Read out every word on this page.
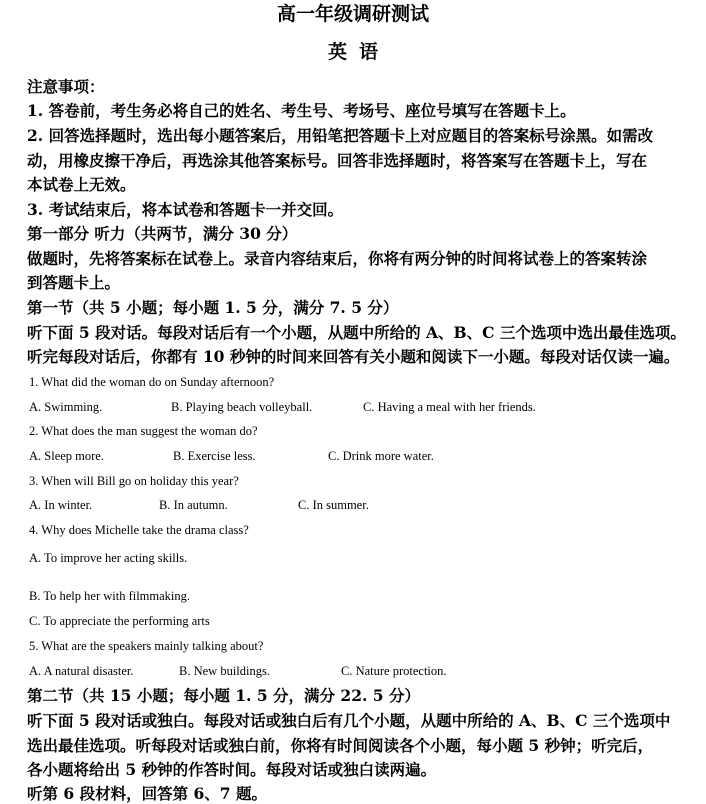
高一年级调研测试
英语
注意事项：
1. 答卷前，考生务必将自己的姓名、考生号、考场号、座位号填写在答题卡上。
2. 回答选择题时，选出每小题答案后，用铅笔把答题卡上对应题目的答案标号涂黑。如需改
动，用橡皮擦干净后，再选涂其他答案标号。回答非选择题时，将答案写在答题卡上，写在
本试卷上无效。
3. 考试结束后，将本试卷和答题卡一并交回。
第一部分 听力（共两节，满分 30 分）
做题时，先将答案标在试卷上。录音内容结束后，你将有两分钟的时间将试卷上的答案转涂
到答题卡上。
第一节（共 5 小题；每小题 1. 5 分，满分 7. 5 分）
听下面 5 段对话。每段对话后有一个小题，从题中所给的 A、B、C 三个选项中选出最佳选项。
听完每段对话后，你都有 10 秒钟的时间来回答有关小题和阅读下一小题。每段对话仅读一遍。
1. What did the woman do on Sunday afternoon?
A. Swimming.	B. Playing beach volleyball.	C. Having a meal with her friends.
2. What does the man suggest the woman do?
A. Sleep more.	B. Exercise less.	C. Drink more water.
3. When will Bill go on holiday this year?
A. In winter.	B. In autumn.	C. In summer.
4. Why does Michelle take the drama class?
A. To improve her acting skills.
B. To help her with filmmaking.
C. To appreciate the performing arts
5. What are the speakers mainly talking about?
A. A natural disaster.	B. New buildings.	C. Nature protection.
第二节（共 15 小题；每小题 1. 5 分，满分 22. 5 分）
听下面 5 段对话或独白。每段对话或独白后有几个小题，从题中所给的 A、B、C 三个选项中
选出最佳选项。听每段对话或独白前，你将有时间阅读各个小题，每小题 5 秒钟；听完后，
各小题将给出 5 秒钟的作答时间。每段对话或独白读两遍。
听第 6 段材料，回答第 6、7 题。
